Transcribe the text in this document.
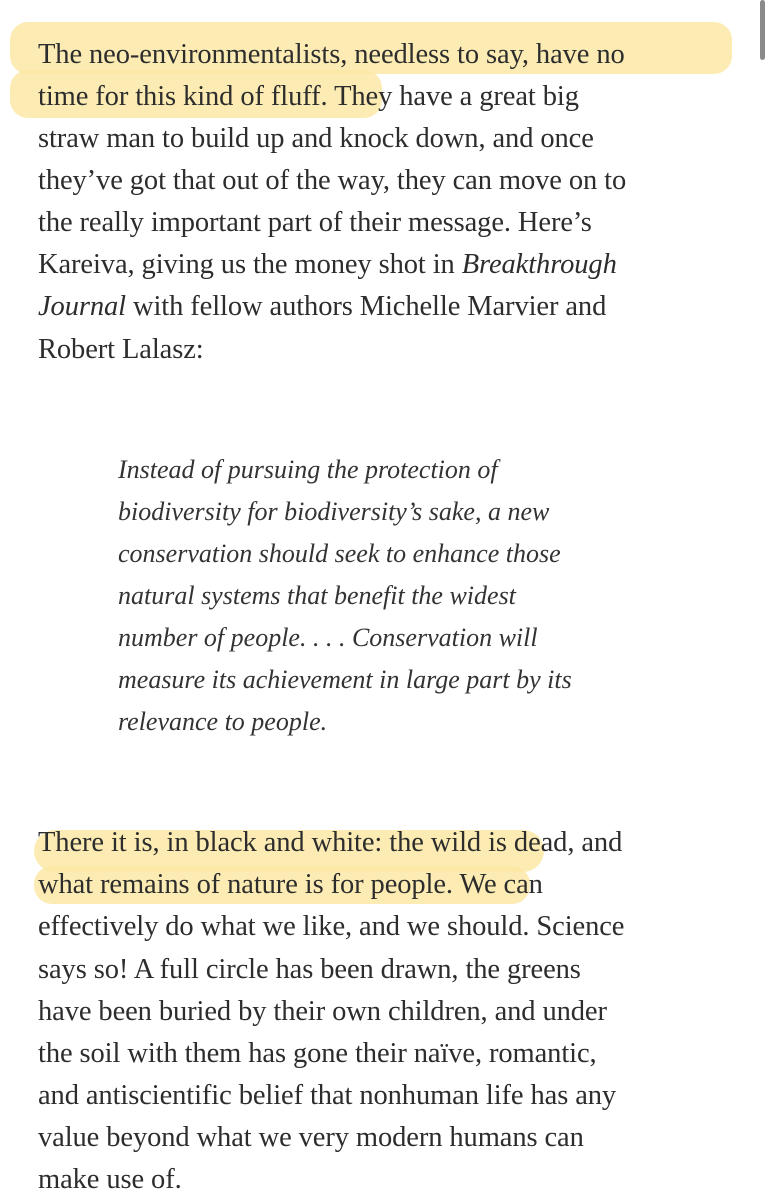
The neo-environmentalists, needless to say, have no
time for this kind of fluff. They have a great big
straw man to build up and knock down, and once
they’ve got that out of the way, they can move on to
the really important part of their message. Here’s
Kareiva, giving us the money shot in Breakthrough
Journal with fellow authors Michelle Marvier and
Robert Lalasz:
Instead of pursuing the protection of
biodiversity for biodiversity’s sake, a new
conservation should seek to enhance those
natural systems that benefit the widest
number of people. . . . Conservation will
measure its achievement in large part by its
relevance to people.
There it is, in black and white: the wild is dead, and
what remains of nature is for people. We can
effectively do what we like, and we should. Science
says so! A full circle has been drawn, the greens
have been buried by their own children, and under
the soil with them has gone their naïve, romantic,
and antiscientific belief that nonhuman life has any
value beyond what we very modern humans can
make use of.
